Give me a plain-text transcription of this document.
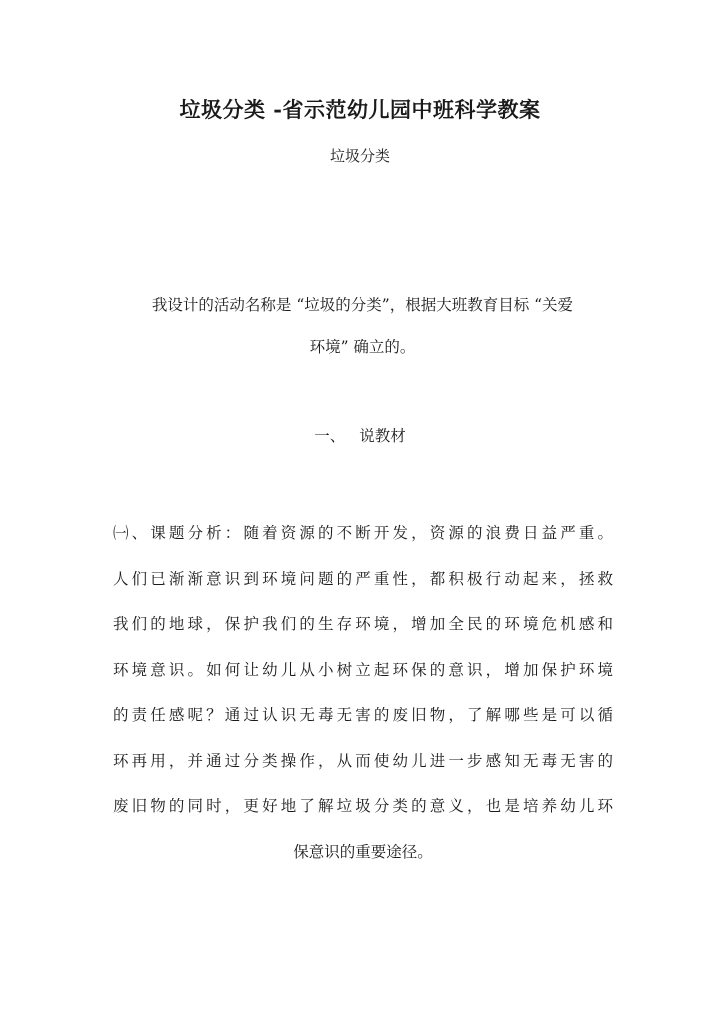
垃圾分类 -省示范幼儿园中班科学教案
垃圾分类
我设计的活动名称是 “垃圾的分类”，根据大班教育目标 “关爱
环境” 确立的。
一、 说教材
㈠、课题分析：随着资源的不断开发，资源的浪费日益严重。
人们已渐渐意识到环境问题的严重性，都积极行动起来，拯救
我们的地球，保护我们的生存环境，增加全民的环境危机感和
环境意识。如何让幼儿从小树立起环保的意识，增加保护环境
的责任感呢？通过认识无毒无害的废旧物，了解哪些是可以循
环再用，并通过分类操作，从而使幼儿进一步感知无毒无害的
废旧物的同时，更好地了解垃圾分类的意义，也是培养幼儿环
保意识的重要途径。
